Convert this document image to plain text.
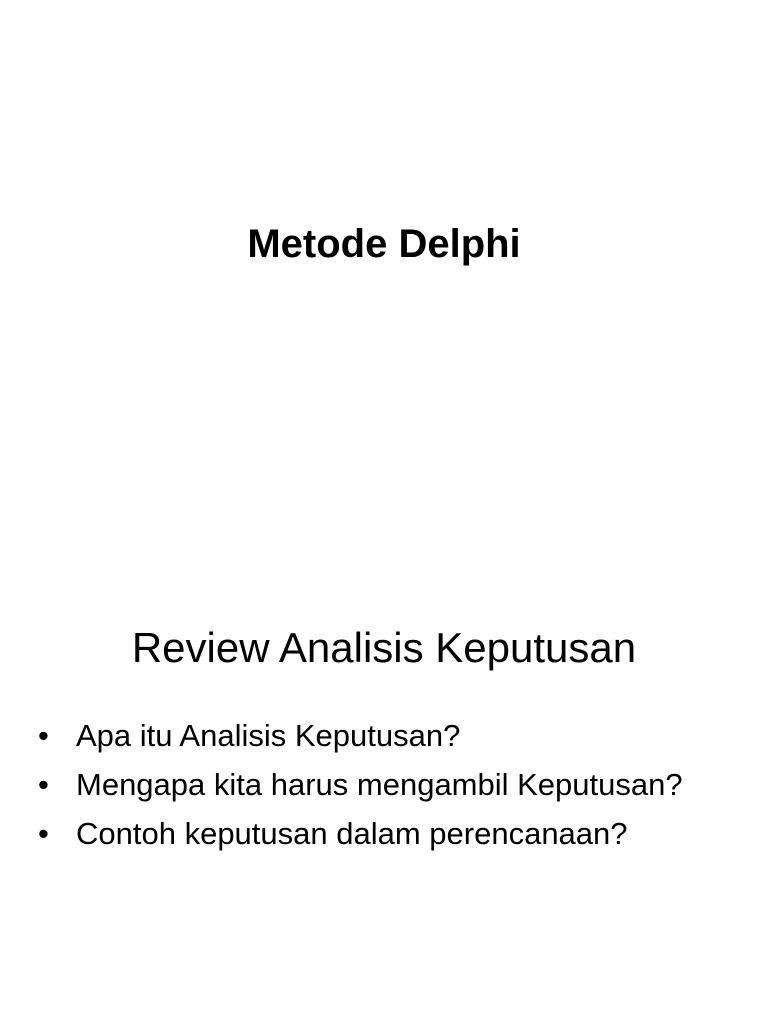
Metode Delphi
Review Analisis Keputusan
• Apa itu Analisis Keputusan?
• Mengapa kita harus mengambil Keputusan?
• Contoh keputusan dalam perencanaan?
